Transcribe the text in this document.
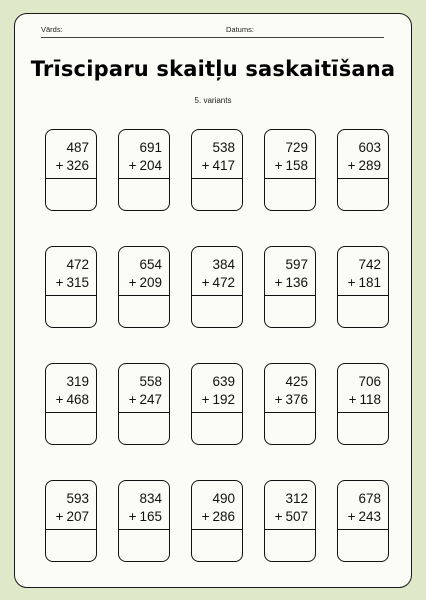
Vārds:	Datums:
Trīsciparu skaitļu saskaitīšana
5. variants
487
+ 326
691
+ 204
538
+ 417
729
+ 158
603
+ 289
472
+ 315
654
+ 209
384
+ 472
597
+ 136
742
+ 181
319
+ 468
558
+ 247
639
+ 192
425
+ 376
706
+ 118
593
+ 207
834
+ 165
490
+ 286
312
+ 507
678
+ 243
